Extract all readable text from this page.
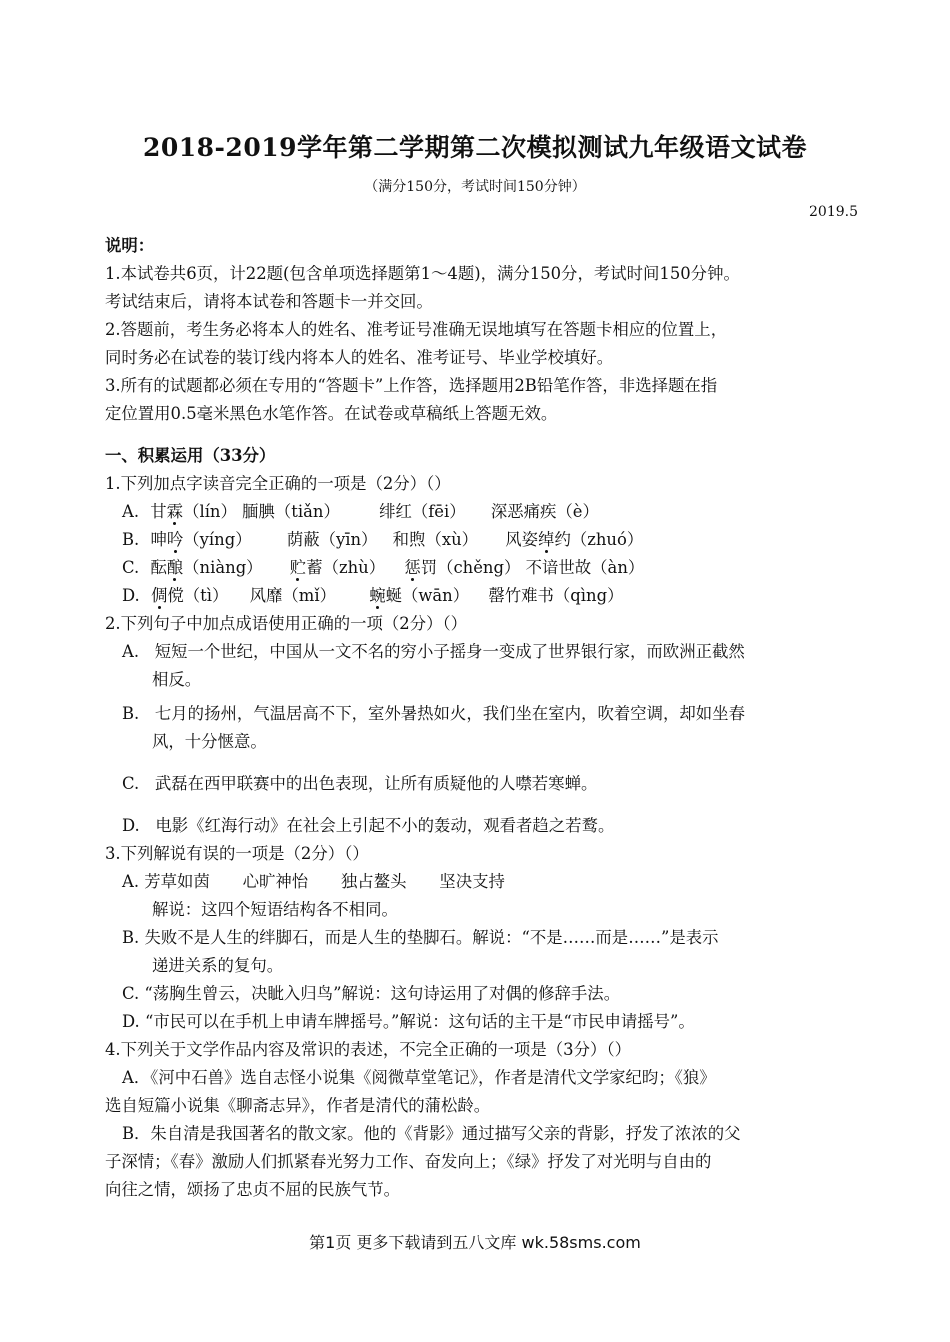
2018-2019学年第二学期第二次模拟测试九年级语文试卷
（满分150分，考试时间150分钟）
2019.5
说明：
1.本试卷共6页，计22题(包含单项选择题第1～4题)，满分150分，考试时间150分钟。
考试结束后，请将本试卷和答题卡一并交回。
2.答题前，考生务必将本人的姓名、准考证号准确无误地填写在答题卡相应的位置上，
同时务必在试卷的装订线内将本人的姓名、准考证号、毕业学校填好。
3.所有的试题都必须在专用的“答题卡”上作答，选择题用2B铅笔作答，非选择题在指
定位置用0.5毫米黑色水笔作答。在试卷或草稿纸上答题无效。
一、积累运用（33分）
1.下列加点字读音完全正确的一项是（2分）（）
A. 甘霖（lín） 腼腆（tiǎn） 绯红（fēi） 深恶痛疾（è）
B. 呻吟（yíng） 荫蔽（yīn） 和煦（xù） 风姿绰约（zhuó）
C. 酝酿（niàng） 贮蓄（zhù） 惩罚（chěng） 不谙世故（àn）
D. 倜傥（tì） 风靡（mǐ） 蜿蜒（wān） 罄竹难书（qìng）
2.下列句子中加点成语使用正确的一项（2分）（）
A. 短短一个世纪，中国从一文不名的穷小子摇身一变成了世界银行家，而欧洲正截然
相反。
B. 七月的扬州，气温居高不下，室外暑热如火，我们坐在室内，吹着空调，却如坐春
风，十分惬意。
C. 武磊在西甲联赛中的出色表现，让所有质疑他的人噤若寒蝉。
D. 电影《红海行动》在社会上引起不小的轰动，观看者趋之若鹜。
3.下列解说有误的一项是（2分）（）
A. 芳草如茵　　心旷神怡　　独占鳌头　　坚决支持
解说：这四个短语结构各不相同。
B. 失败不是人生的绊脚石，而是人生的垫脚石。解说：“不是……而是……”是表示
递进关系的复句。
C. “荡胸生曾云，决眦入归鸟”解说：这句诗运用了对偶的修辞手法。
D. “市民可以在手机上申请车牌摇号。”解说：这句话的主干是“市民申请摇号”。
4.下列关于文学作品内容及常识的表述，不完全正确的一项是（3分）（）
A．《河中石兽》选自志怪小说集《阅微草堂笔记》，作者是清代文学家纪昀；《狼》
选自短篇小说集《聊斋志异》，作者是清代的蒲松龄。
B．朱自清是我国著名的散文家。他的《背影》通过描写父亲的背影，抒发了浓浓的父
子深情；《春》激励人们抓紧春光努力工作、奋发向上；《绿》抒发了对光明与自由的
向往之情，颂扬了忠贞不屈的民族气节。
第1页 更多下载请到五八文库 wk.58sms.com
